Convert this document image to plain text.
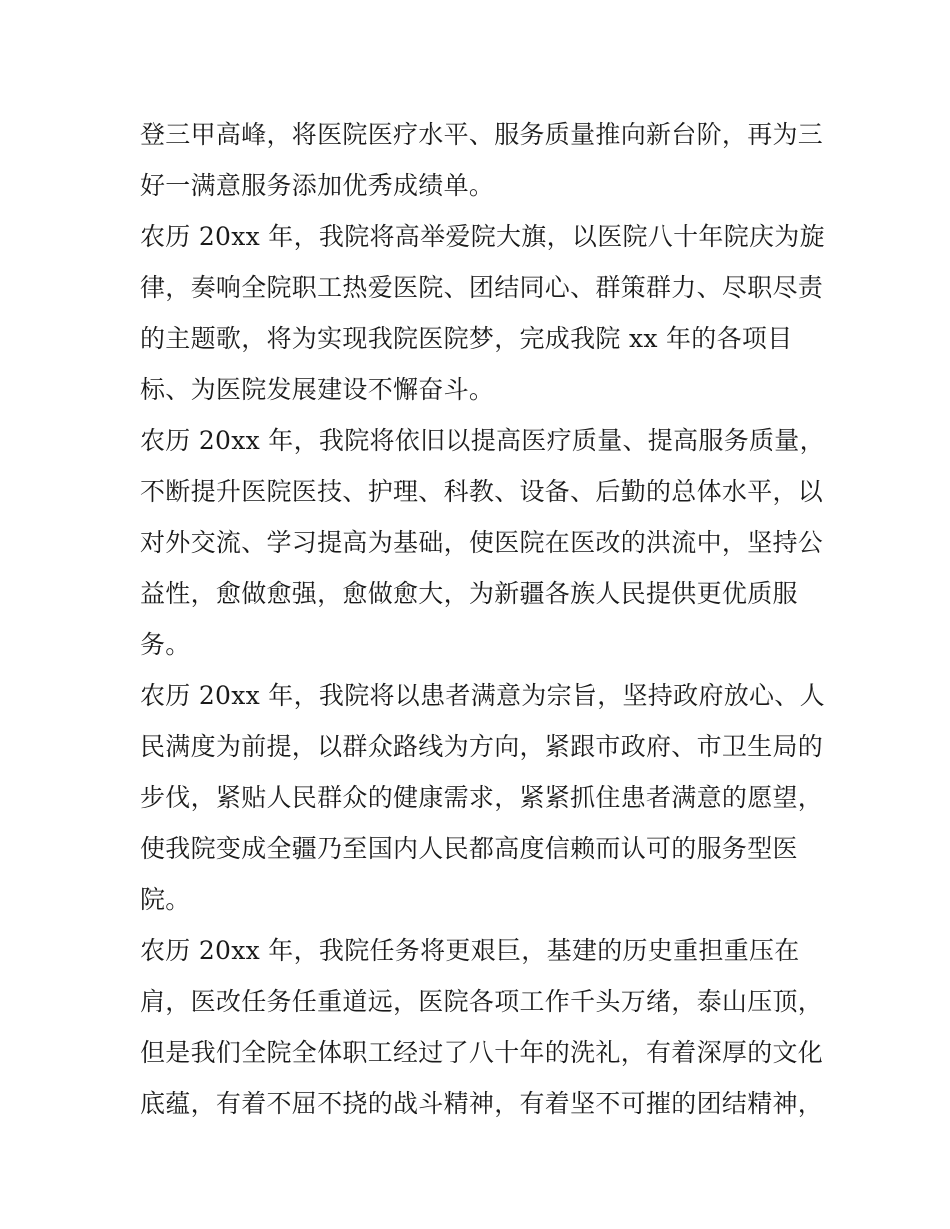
登三甲高峰，将医院医疗水平、服务质量推向新台阶，再为三
好一满意服务添加优秀成绩单。
农历 20xx 年，我院将高举爱院大旗，以医院八十年院庆为旋
律，奏响全院职工热爱医院、团结同心、群策群力、尽职尽责
的主题歌，将为实现我院医院梦，完成我院 xx 年的各项目
标、为医院发展建设不懈奋斗。
农历 20xx 年，我院将依旧以提高医疗质量、提高服务质量，
不断提升医院医技、护理、科教、设备、后勤的总体水平，以
对外交流、学习提高为基础，使医院在医改的洪流中，坚持公
益性，愈做愈强，愈做愈大，为新疆各族人民提供更优质服
务。
农历 20xx 年，我院将以患者满意为宗旨，坚持政府放心、人
民满度为前提，以群众路线为方向，紧跟市政府、市卫生局的
步伐，紧贴人民群众的健康需求，紧紧抓住患者满意的愿望，
使我院变成全疆乃至国内人民都高度信赖而认可的服务型医
院。
农历 20xx 年，我院任务将更艰巨，基建的历史重担重压在
肩，医改任务任重道远，医院各项工作千头万绪，泰山压顶，
但是我们全院全体职工经过了八十年的洗礼，有着深厚的文化
底蕴，有着不屈不挠的战斗精神，有着坚不可摧的团结精神，
